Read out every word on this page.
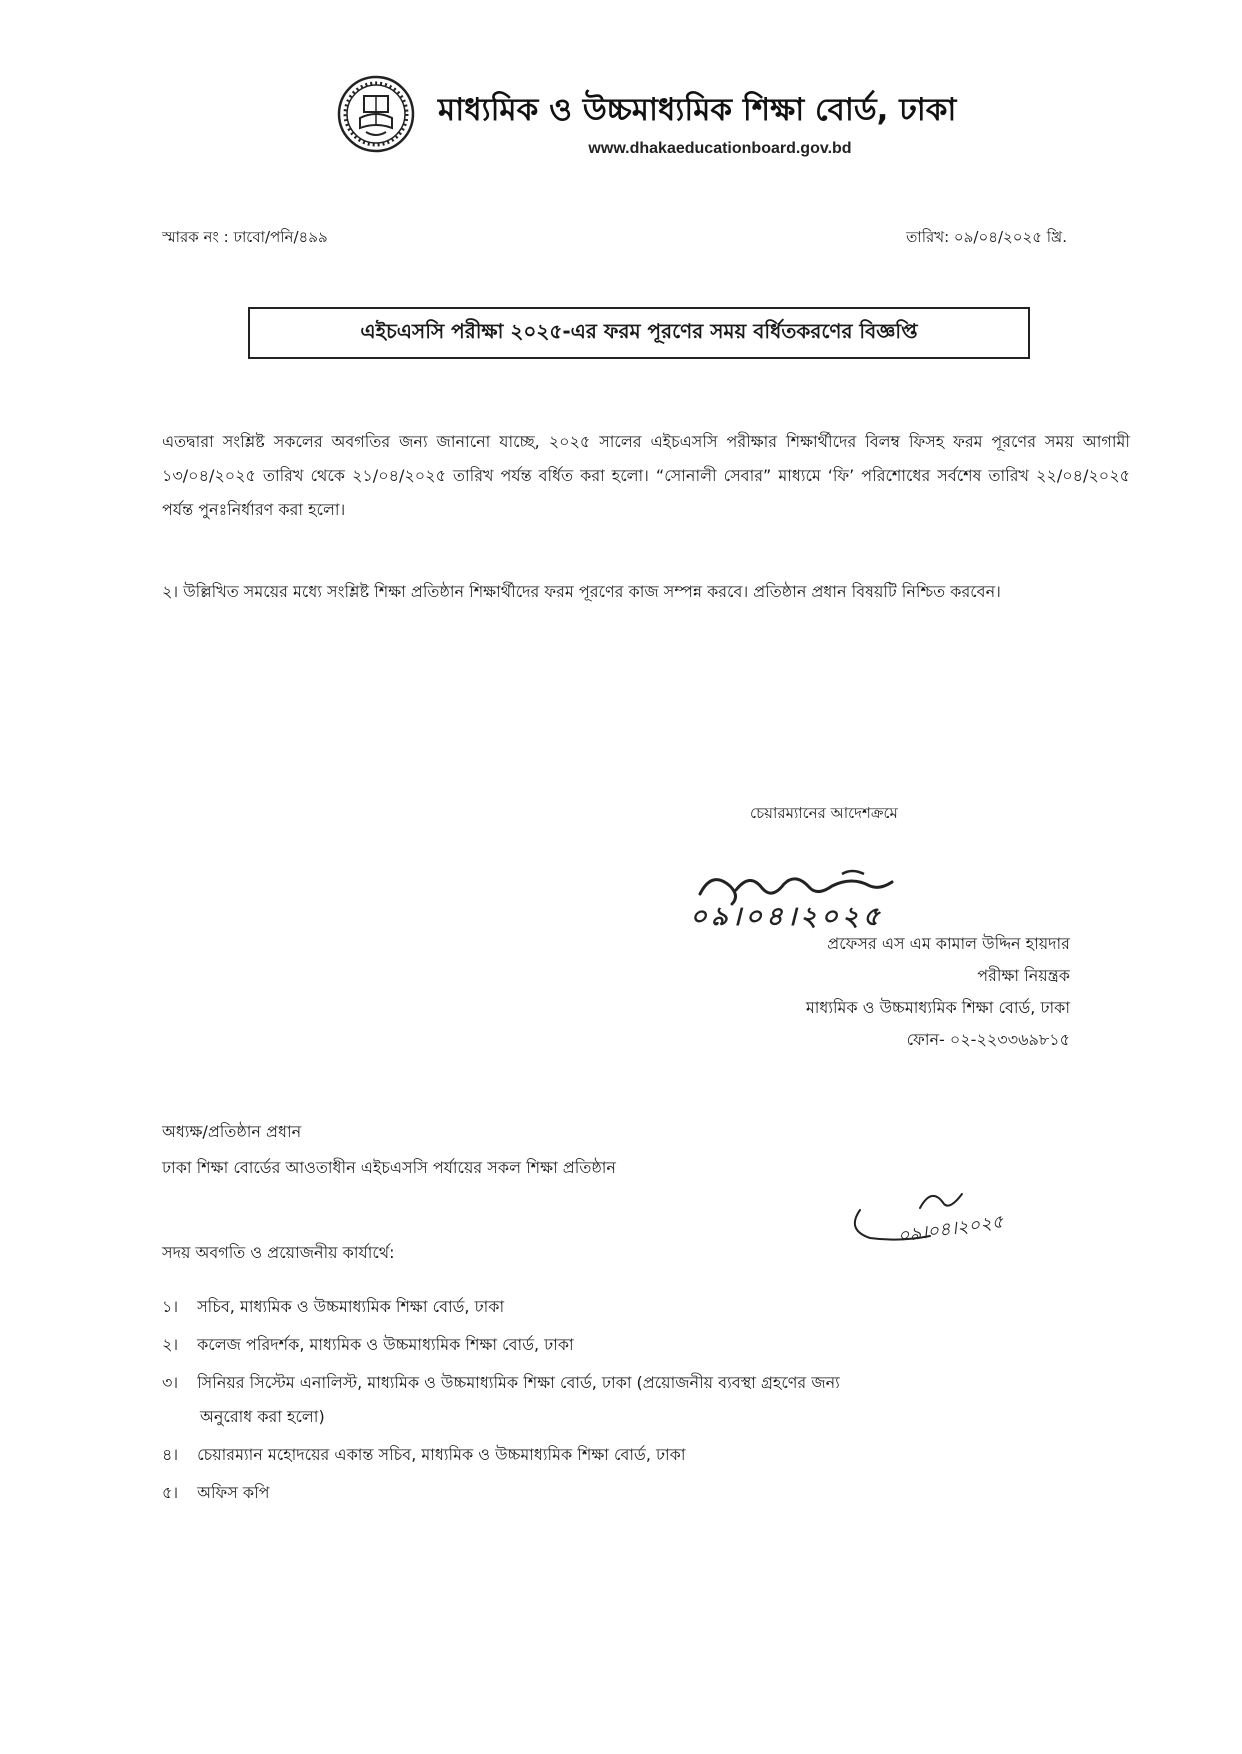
মাধ্যমিক ও উচ্চমাধ্যমিক শিক্ষা বোর্ড, ঢাকা
www.dhakaeducationboard.gov.bd
স্মারক নং : ঢাবো/পনি/৪৯৯	তারিখ: ০৯/০৪/২০২৫ খ্রি.
এইচএসসি পরীক্ষা ২০২৫-এর ফরম পূরণের সময় বর্ধিতকরণের বিজ্ঞপ্তি
এতদ্বারা সংশ্লিষ্ট সকলের অবগতির জন্য জানানো যাচ্ছে, ২০২৫ সালের এইচএসসি পরীক্ষার শিক্ষার্থীদের বিলম্ব ফিসহ ফরম পূরণের সময় আগামী ১৩/০৪/২০২৫ তারিখ থেকে ২১/০৪/২০২৫ তারিখ পর্যন্ত বর্ধিত করা হলো। “সোনালী সেবার” মাধ্যমে ‘ফি’ পরিশোধের সর্বশেষ তারিখ ২২/০৪/২০২৫ পর্যন্ত পুনঃনির্ধারণ করা হলো।
২। উল্লিখিত সময়ের মধ্যে সংশ্লিষ্ট শিক্ষা প্রতিষ্ঠান শিক্ষার্থীদের ফরম পূরণের কাজ সম্পন্ন করবে। প্রতিষ্ঠান প্রধান বিষয়টি নিশ্চিত করবেন।
চেয়ারম্যানের আদেশক্রমে
০৯।০৪।২০২৫
প্রফেসর এস এম কামাল উদ্দিন হায়দার
পরীক্ষা নিয়ন্ত্রক
মাধ্যমিক ও উচ্চমাধ্যমিক শিক্ষা বোর্ড, ঢাকা
ফোন- ০২-২২৩৩৬৯৮১৫
অধ্যক্ষ/প্রতিষ্ঠান প্রধান
ঢাকা শিক্ষা বোর্ডের আওতাধীন এইচএসসি পর্যায়ের সকল শিক্ষা প্রতিষ্ঠান
০৯।০৪।২০২৫
সদয় অবগতি ও প্রয়োজনীয় কার্যার্থে:
১। সচিব, মাধ্যমিক ও উচ্চমাধ্যমিক শিক্ষা বোর্ড, ঢাকা
২। কলেজ পরিদর্শক, মাধ্যমিক ও উচ্চমাধ্যমিক শিক্ষা বোর্ড, ঢাকা
৩। সিনিয়র সিস্টেম এনালিস্ট, মাধ্যমিক ও উচ্চমাধ্যমিক শিক্ষা বোর্ড, ঢাকা (প্রয়োজনীয় ব্যবস্থা গ্রহণের জন্য
অনুরোধ করা হলো)
৪। চেয়ারম্যান মহোদয়ের একান্ত সচিব, মাধ্যমিক ও উচ্চমাধ্যমিক শিক্ষা বোর্ড, ঢাকা
৫। অফিস কপি
